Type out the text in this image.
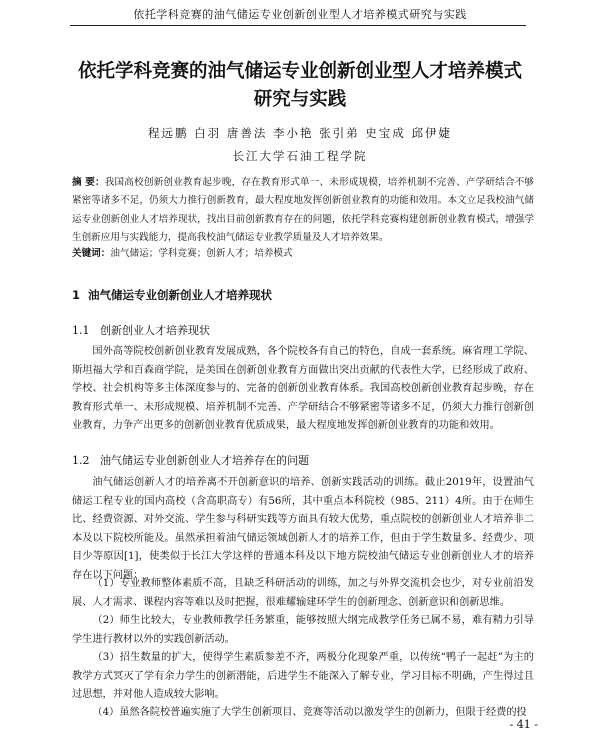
依托学科竞赛的油气储运专业创新创业型人才培养模式研究与实践
依托学科竞赛的油气储运专业创新创业型人才培养模式
研究与实践
程远鹏 白羽 唐善法 李小艳 张引弟 史宝成 邱伊婕
长江大学石油工程学院
摘 要：我国高校创新创业教育起步晚，存在教育形式单一、未形成规模，培养机制不完善、产学研结合不够紧密等诸多不足，仍须大力推行创新教育，最大程度地发挥创新创业教育的功能和效用。本文立足我校油气储运专业创新创业人才培养现状，找出目前创新教育存在的问题，依托学科竞赛构建创新创业教育模式，增强学生创新应用与实践能力，提高我校油气储运专业教学质量及人才培养效果。
关键词：油气储运；学科竞赛；创新人才；培养模式
1 油气储运专业创新创业人才培养现状
1.1 创新创业人才培养现状

国外高等院校创新创业教育发展成熟，各个院校各有自己的特色，自成一套系统。麻省理工学院、斯坦福大学和百森商学院，是美国在创新创业教育方面做出突出贡献的代表性大学，已经形成了政府、学校、社会机构等多主体深度参与的、完备的创新创业教育体系。我国高校创新创业教育起步晚，存在教育形式单一、未形成规模、培养机制不完善、产学研结合不够紧密等诸多不足，仍须大力推行创新创业教育，力争产出更多的创新创业教育优质成果，最大程度地发挥创新创业教育的功能和效用。

1.2 油气储运专业创新创业人才培养存在的问题

油气储运创新人才的培养离不开创新意识的培养、创新实践活动的训练。截止2019年，设置油气储运工程专业的国内高校（含高职高专）有56所，其中重点本科院校（985、211）4所。由于在师生比、经费资源、对外交流、学生参与科研实践等方面具有较大优势，重点院校的创新创业人才培养非二本及以下院校所能及。虽然承担着油气储运领域创新人才的培养工作，但由于学生数量多、经费少、项目少等原因[1]，使类似于长江大学这样的普通本科及以下地方院校油气储运专业创新创业人才的培养存在以下问题：

（1）专业教师整体素质不高，且缺乏科研活动的训练，加之与外界交流机会也少，对专业前沿发展、人才需求、课程内容等难以及时把握，很难耀输建环学生的创新理念、创新意识和创新思维。

（2）师生比较大，专业教师教学任务繁重，能够按照大纲完成教学任务已属不易，难有精力引导学生进行教材以外的实践创新活动。

（3）招生数量的扩大，使得学生素质参差不齐，两极分化现象严重，以传统“鸭子一起赶”为主的教学方式冥灭了学有余力学生的创新潜能，后进学生不能深入了解专业，学习目标不明确，产生得过且过思想，并对他人造成较大影响。

（4）虽然各院校普遍实施了大学生创新项目、竞赛等活动以激发学生的创新力，但限于经费的投

- 41 -
